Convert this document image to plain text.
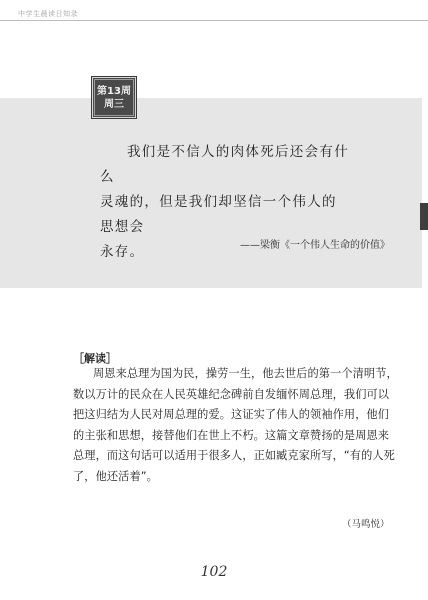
中学生晨读日知录
第13周
周三

我们是不信人的肉体死后还会有什么

灵魂的，但是我们却坚信一个伟人的思想会

永存。	——梁衡《一个伟人生命的价值》
［解读］

周恩来总理为国为民，操劳一生，他去世后的第一个清明节，

数以万计的民众在人民英雄纪念碑前自发缅怀周总理，我们可以

把这归结为人民对周总理的爱。这证实了伟人的领袖作用，他们

的主张和思想，接替他们在世上不朽。这篇文章赞扬的是周恩来

总理，而这句话可以适用于很多人，正如臧克家所写，“有的人死

了，他还活着”。

（马鸣悦）
102
